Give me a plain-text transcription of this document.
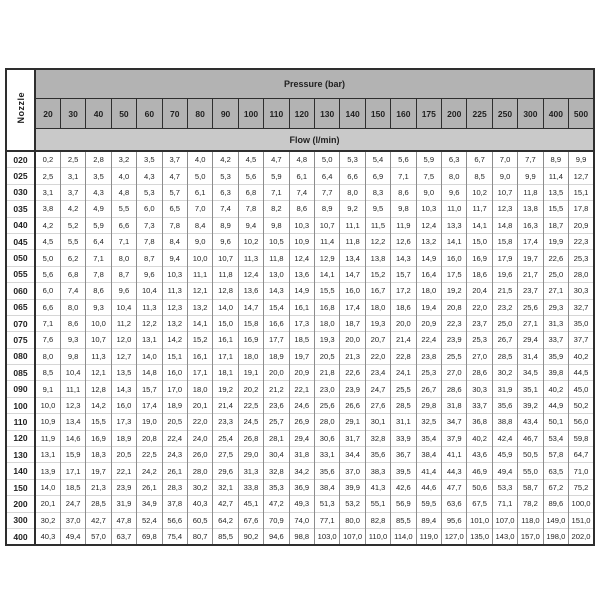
Nozzle	Pressure (bar)																					
	20	30	40	50	60	70	80	90	100	110	120	130	140	150	160	175	200	225	250	300	400	500
	Flow (l/min)																					
020	0,2	2,5	2,8	3,2	3,5	3,7	4,0	4,2	4,5	4,7	4,8	5,0	5,3	5,4	5,6	5,9	6,3	6,7	7,0	7,7	8,9	9,9
025	2,5	3,1	3,5	4,0	4,3	4,7	5,0	5,3	5,6	5,9	6,1	6,4	6,6	6,9	7,1	7,5	8,0	8,5	9,0	9,9	11,4	12,7
030	3,1	3,7	4,3	4,8	5,3	5,7	6,1	6,3	6,8	7,1	7,4	7,7	8,0	8,3	8,6	9,0	9,6	10,2	10,7	11,8	13,5	15,1
035	3,8	4,2	4,9	5,5	6,0	6,5	7,0	7,4	7,8	8,2	8,6	8,9	9,2	9,5	9,8	10,3	11,0	11,7	12,3	13,8	15,5	17,8
040	4,2	5,2	5,9	6,6	7,3	7,8	8,4	8,9	9,4	9,8	10,3	10,7	11,1	11,5	11,9	12,4	13,3	14,1	14,8	16,3	18,7	20,9
045	4,5	5,5	6,4	7,1	7,8	8,4	9,0	9,6	10,2	10,5	10,9	11,4	11,8	12,2	12,6	13,2	14,1	15,0	15,8	17,4	19,9	22,3
050	5,0	6,2	7,1	8,0	8,7	9,4	10,0	10,7	11,3	11,8	12,4	12,9	13,4	13,8	14,3	14,9	16,0	16,9	17,9	19,7	22,6	25,3
055	5,6	6,8	7,8	8,7	9,6	10,3	11,1	11,8	12,4	13,0	13,6	14,1	14,7	15,2	15,7	16,4	17,5	18,6	19,6	21,7	25,0	28,0
060	6,0	7,4	8,6	9,6	10,4	11,3	12,1	12,8	13,6	14,3	14,9	15,5	16,0	16,7	17,2	18,0	19,2	20,4	21,5	23,7	27,1	30,3
065	6,6	8,0	9,3	10,4	11,3	12,3	13,2	14,0	14,7	15,4	16,1	16,8	17,4	18,0	18,6	19,4	20,8	22,0	23,2	25,6	29,3	32,7
070	7,1	8,6	10,0	11,2	12,2	13,2	14,1	15,0	15,8	16,6	17,3	18,0	18,7	19,3	20,0	20,9	22,3	23,7	25,0	27,1	31,3	35,0
075	7,6	9,3	10,7	12,0	13,1	14,2	15,2	16,1	16,9	17,7	18,5	19,3	20,0	20,7	21,4	22,4	23,9	25,3	26,7	29,4	33,7	37,7
080	8,0	9,8	11,3	12,7	14,0	15,1	16,1	17,1	18,0	18,9	19,7	20,5	21,3	22,0	22,8	23,8	25,5	27,0	28,5	31,4	35,9	40,2
085	8,5	10,4	12,1	13,5	14,8	16,0	17,1	18,1	19,1	20,0	20,9	21,8	22,6	23,4	24,1	25,3	27,0	28,6	30,2	34,5	39,8	44,5
090	9,1	11,1	12,8	14,3	15,7	17,0	18,0	19,2	20,2	21,2	22,1	23,0	23,9	24,7	25,5	26,7	28,6	30,3	31,9	35,1	40,2	45,0
100	10,0	12,3	14,2	16,0	17,4	18,9	20,1	21,4	22,5	23,6	24,6	25,6	26,6	27,6	28,5	29,8	31,8	33,7	35,6	39,2	44,9	50,2
110	10,9	13,4	15,5	17,3	19,0	20,5	22,0	23,3	24,5	25,7	26,9	28,0	29,1	30,1	31,1	32,5	34,7	36,8	38,8	43,4	50,1	56,0
120	11,9	14,6	16,9	18,9	20,8	22,4	24,0	25,4	26,8	28,1	29,4	30,6	31,7	32,8	33,9	35,4	37,9	40,2	42,4	46,7	53,4	59,8
130	13,1	15,9	18,3	20,5	22,5	24,3	26,0	27,5	29,0	30,4	31,8	33,1	34,4	35,6	36,7	38,4	41,1	43,6	45,9	50,5	57,8	64,7
140	13,9	17,1	19,7	22,1	24,2	26,1	28,0	29,6	31,3	32,8	34,2	35,6	37,0	38,3	39,5	41,4	44,3	46,9	49,4	55,0	63,5	71,0
150	14,0	18,5	21,3	23,9	26,1	28,3	30,2	32,1	33,8	35,3	36,9	38,4	39,9	41,3	42,6	44,6	47,7	50,6	53,3	58,7	67,2	75,2
200	20,1	24,7	28,5	31,9	34,9	37,8	40,3	42,7	45,1	47,2	49,3	51,3	53,2	55,1	56,9	59,5	63,6	67,5	71,1	78,2	89,6	100,0
300	30,2	37,0	42,7	47,8	52,4	56,6	60,5	64,2	67,6	70,9	74,0	77,1	80,0	82,8	85,5	89,4	95,6	101,0	107,0	118,0	149,0	151,0
400	40,3	49,4	57,0	63,7	69,8	75,4	80,7	85,5	90,2	94,6	98,8	103,0	107,0	110,0	114,0	119,0	127,0	135,0	143,0	157,0	198,0	202,0
